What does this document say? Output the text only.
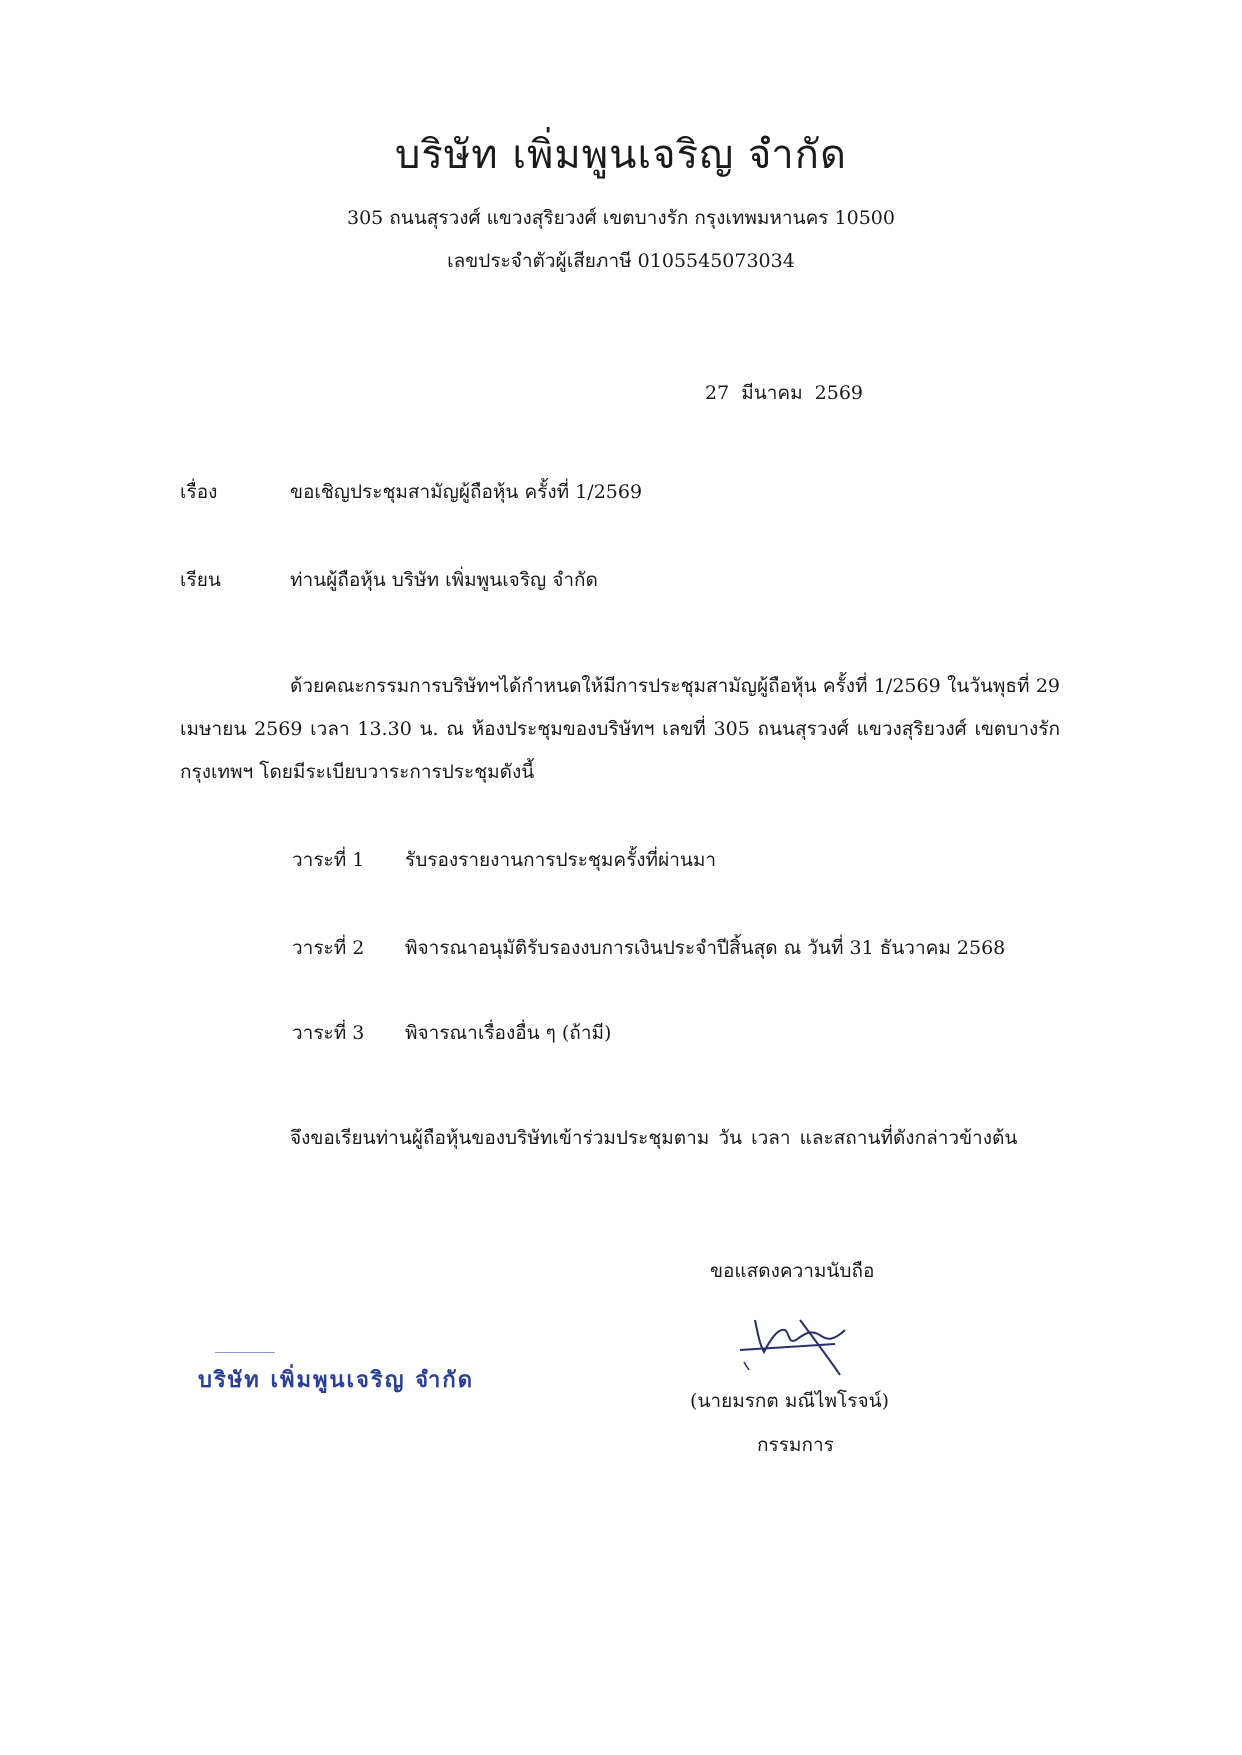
บริษัท เพิ่มพูนเจริญ จำกัด
305 ถนนสุรวงศ์ แขวงสุริยวงศ์ เขตบางรัก กรุงเทพมหานคร 10500
เลขประจำตัวผู้เสียภาษี 0105545073034
27 มีนาคม 2569
เรื่อง	ขอเชิญประชุมสามัญผู้ถือหุ้น ครั้งที่ 1/2569
เรียน	ท่านผู้ถือหุ้น บริษัท เพิ่มพูนเจริญ จำกัด
ด้วยคณะกรรมการบริษัทฯได้กำหนดให้มีการประชุมสามัญผู้ถือหุ้น ครั้งที่ 1/2569 ในวันพุธที่ 29 เมษายน 2569 เวลา 13.30 น. ณ ห้องประชุมของบริษัทฯ เลขที่ 305 ถนนสุรวงศ์ แขวงสุริยวงศ์ เขตบางรัก กรุงเทพฯ โดยมีระเบียบวาระการประชุมดังนี้
วาระที่ 1 รับรองรายงานการประชุมครั้งที่ผ่านมา
วาระที่ 2 พิจารณาอนุมัติรับรองงบการเงินประจำปีสิ้นสุด ณ วันที่ 31 ธันวาคม 2568
วาระที่ 3 พิจารณาเรื่องอื่น ๆ (ถ้ามี)
จึงขอเรียนท่านผู้ถือหุ้นของบริษัทเข้าร่วมประชุมตาม วัน เวลา และสถานที่ดังกล่าวข้างต้น
ขอแสดงความนับถือ
(นายมรกต มณีไพโรจน์)
กรรมการ
บริษัท เพิ่มพูนเจริญ จำกัด
